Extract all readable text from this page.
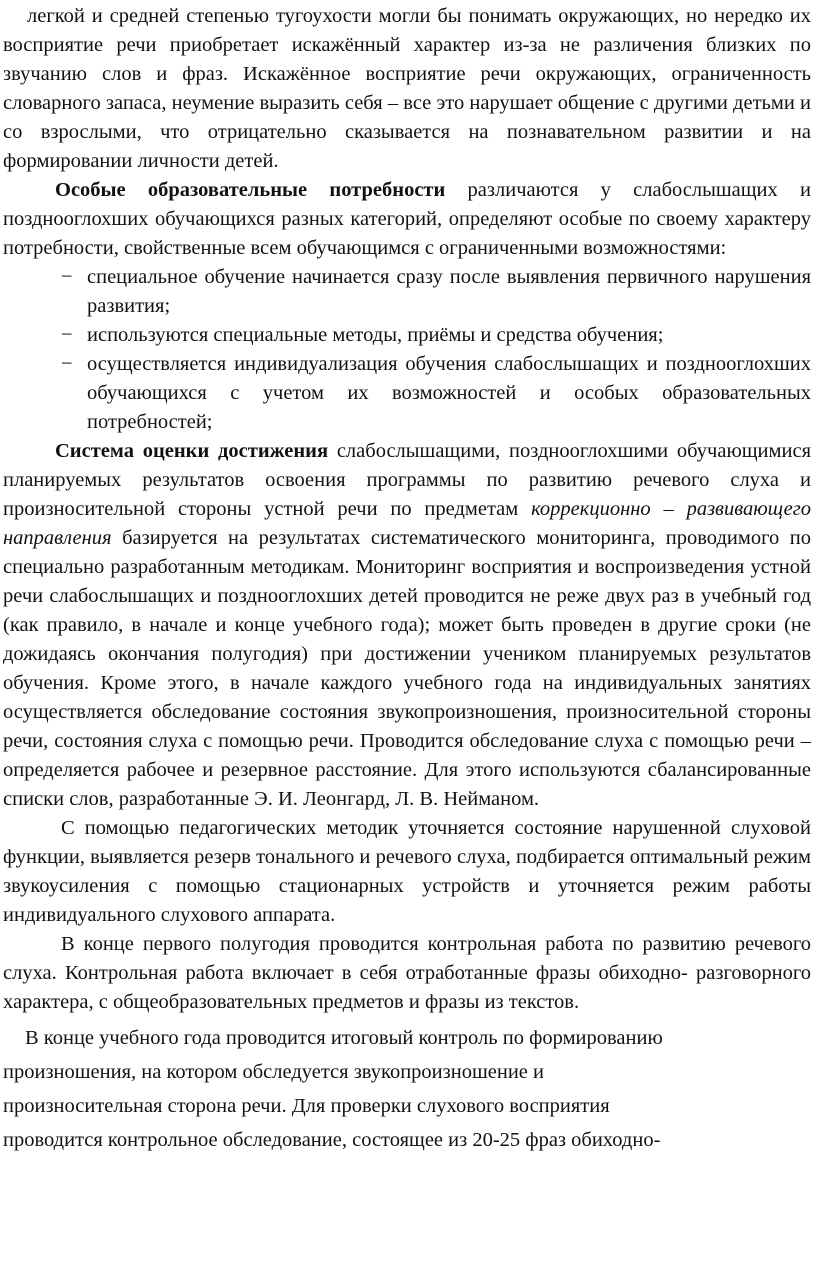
легкой и средней степенью тугоухости могли бы понимать окружающих, но нередко их восприятие речи приобретает искажённый характер из-за не различения близких по звучанию слов и фраз. Искажённое восприятие речи окружающих, ограниченность словарного запаса, неумение выразить себя – все это нарушает общение с другими детьми и со взрослыми, что отрицательно сказывается на познавательном развитии и на формировании личности детей.

Особые образовательные потребности различаются у слабослышащих и позднооглохших обучающихся разных категорий, определяют особые по своему характеру потребности, свойственные всем обучающимся с ограниченными возможностями:

− специальное обучение начинается сразу после выявления первичного нарушения развития;
− используются специальные методы, приёмы и средства обучения;
− осуществляется индивидуализация обучения слабослышащих и позднооглохших обучающихся с учетом их возможностей и особых образовательных потребностей;

Система оценки достижения слабослышащими, позднооглохшими обучающимися планируемых результатов освоения программы по развитию речевого слуха и произносительной стороны устной речи по предметам коррекционно – развивающего направления базируется на результатах систематического мониторинга, проводимого по специально разработанным методикам. Мониторинг восприятия и воспроизведения устной речи слабослышащих и позднооглохших детей проводится не реже двух раз в учебный год (как правило, в начале и конце учебного года); может быть проведен в другие сроки (не дожидаясь окончания полугодия) при достижении учеником планируемых результатов обучения. Кроме этого, в начале каждого учебного года на индивидуальных занятиях осуществляется обследование состояния звукопроизношения, произносительной стороны речи, состояния слуха с помощью речи. Проводится обследование слуха с помощью речи – определяется рабочее и резервное расстояние. Для этого используются сбалансированные списки слов, разработанные Э. И. Леонгард, Л. В. Нейманом.

С помощью педагогических методик уточняется состояние нарушенной слуховой функции, выявляется резерв тонального и речевого слуха, подбирается оптимальный режим звукоусиления с помощью стационарных устройств и уточняется режим работы индивидуального слухового аппарата.

В конце первого полугодия проводится контрольная работа по развитию речевого слуха. Контрольная работа включает в себя отработанные фразы обиходно- разговорного характера, с общеобразовательных предметов и фразы из текстов.

В конце учебного года проводится итоговый контроль по формированию

произношения, на котором обследуется звукопроизношение и

произносительная сторона речи. Для проверки слухового восприятия

проводится контрольное обследование, состоящее из 20-25 фраз обиходно-
